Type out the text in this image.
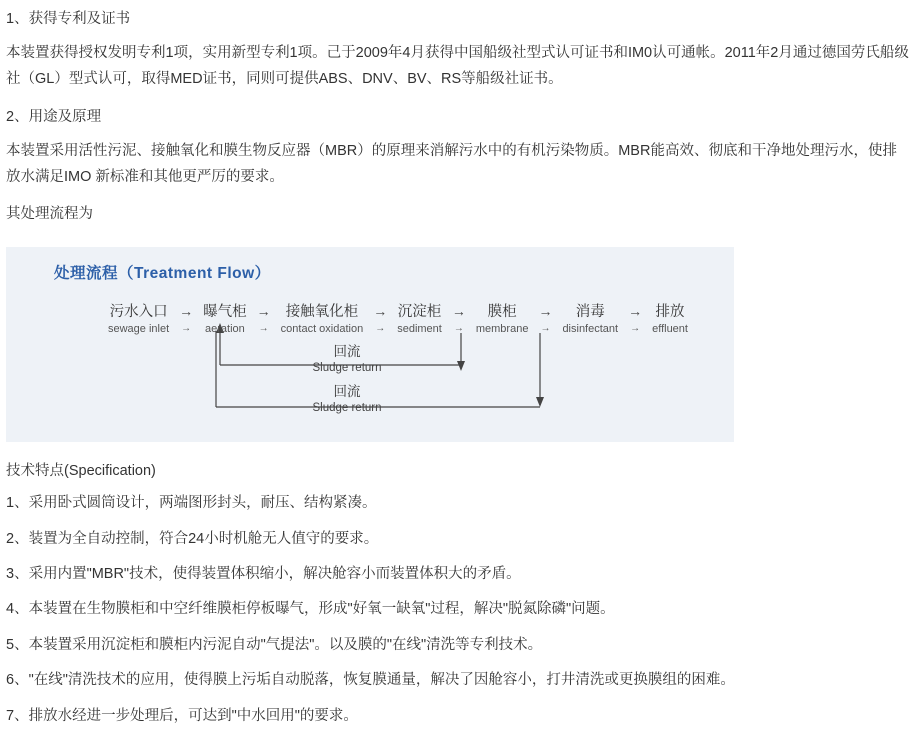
1、获得专利及证书
本装置获得授权发明专利1项，实用新型专利1项。己于2009年4月获得中国船级社型式认可证书和IM0认可通帐。2011年2月通过德国劳氏船级社（GL）型式认可，取得MED证书，同则可提供ABS、DNV、BV、RS等船级社证书。
2、用途及原理
本装置采用活性污泥、接触氧化和膜生物反应器（MBR）的原理来消解污水中的有机污染物质。MBR能高效、彻底和干净地处理污水，使排放水满足IMO 新标准和其他更严厉的要求。
其处理流程为
处理流程（Treatment Flow）
污水入口
sewage inlet
→
→
曝气柜
aeration
→
→
接触氧化柜
contact oxidation
→
→
沉淀柜
sediment
→
→
膜柜
membrane
→
→
消毒
disinfectant
→
→
排放
effluent
回流
Sludge return
回流
Sludge return
技术特点(Specification)
1、采用卧式圆筒设计，两端图形封头，耐压、结构紧凑。
2、装置为全自动控制，符合24小时机舱无人值守的要求。
3、采用内置"MBR"技术，使得装置体积缩小，解决舱容小而装置体积大的矛盾。
4、本装置在生物膜柜和中空纤维膜柜停板曝气，形成"好氧一缺氧"过程，解决"脱氮除磷"问题。
5、本装置采用沉淀柜和膜柜内污泥自动"气提法"。以及膜的"在线"清洗等专利技术。
6、"在线"清洗技术的应用，使得膜上污垢自动脱落，恢复膜通量，解决了因舱容小，打井清洗或更换膜组的困难。
7、排放水经进一步处理后，可达到"中水回用"的要求。
